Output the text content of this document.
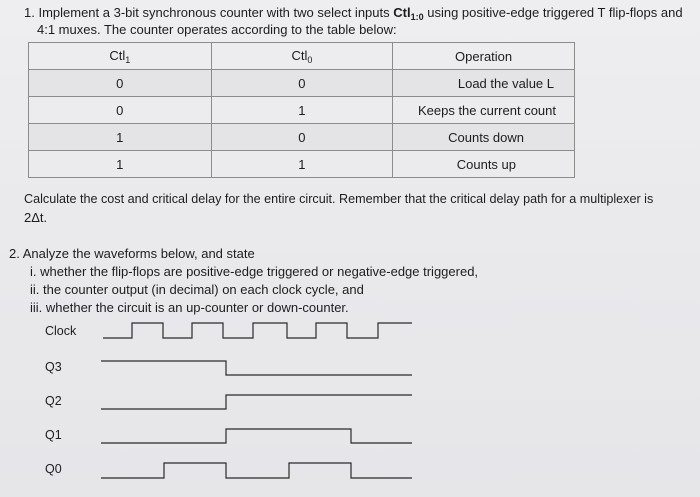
1. Implement a 3-bit synchronous counter with two select inputs Ctl$_{1:0}$ using positive-edge triggered T flip-flops and
4:1 muxes. The counter operates according to the table below:
Ctl$_1$	Ctl$_0$	Operation
0	0	Load the value L
0	1	Keeps the current count
1	0	Counts down
1	1	Counts up
Calculate the cost and critical delay for the entire circuit. Remember that the critical delay path for a multiplexer is
2Δt.
2. Analyze the waveforms below, and state
i. whether the flip-flops are positive-edge triggered or negative-edge triggered,
ii. the counter output (in decimal) on each clock cycle, and
iii. whether the circuit is an up-counter or down-counter.
Clock
Q3
Q2
Q1
Q0
